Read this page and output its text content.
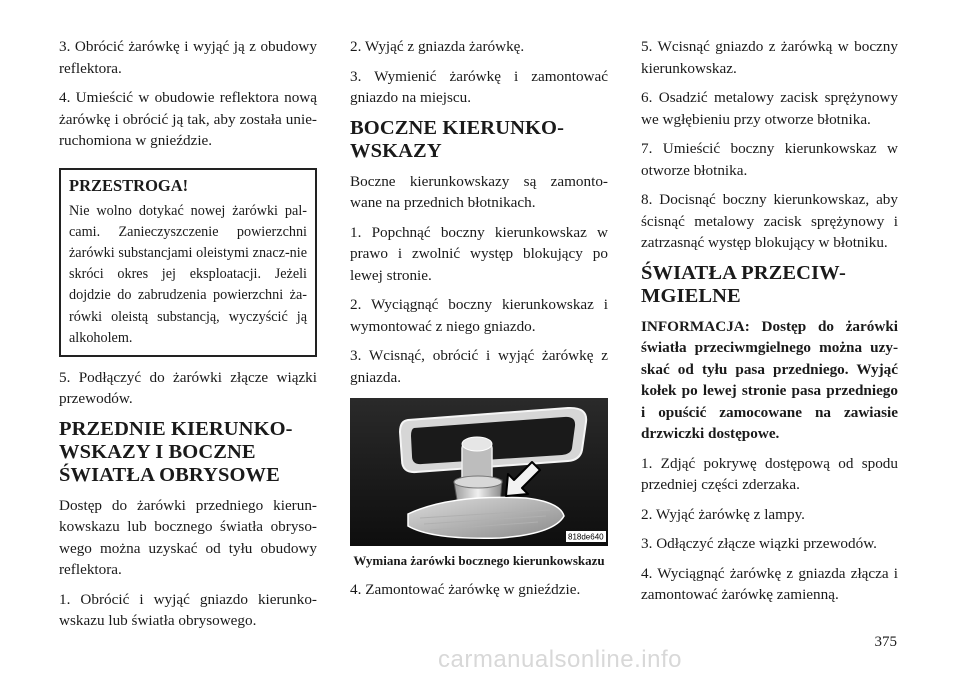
3. Obrócić żarówkę i wyjąć ją z obudowy reflektora.

4. Umieścić w obudowie reflektora nową żarówkę i obrócić ją tak, aby została unie-ruchomiona w gnieździe.

PRZESTROGA!

Nie wolno dotykać nowej żarówki pal-cami. Zanieczyszczenie powierzchni żarówki substancjami oleistymi znacz-nie skróci okres jej eksploatacji. Jeżeli dojdzie do zabrudzenia powierzchni ża-rówki oleistą substancją, wyczyścić ją alkoholem.

5. Podłączyć do żarówki złącze wiązki przewodów.

PRZEDNIE KIERUNKO-WSKAZY I BOCZNE ŚWIATŁA OBRYSOWE

Dostęp do żarówki przedniego kierun-kowskazu lub bocznego światła obryso-wego można uzyskać od tyłu obudowy reflektora.

1. Obrócić i wyjąć gniazdo kierunko-wskazu lub światła obrysowego.

2. Wyjąć z gniazda żarówkę.

3. Wymienić żarówkę i zamontować gniazdo na miejscu.

BOCZNE KIERUNKO-WSKAZY

Boczne kierunkowskazy są zamonto-wane na przednich błotnikach.

1. Popchnąć boczny kierunkowskaz w prawo i zwolnić występ blokujący po lewej stronie.

2. Wyciągnąć boczny kierunkowskaz i wymontować z niego gniazdo.

3. Wcisnąć, obrócić i wyjąć żarówkę z gniazda.

818de640
Wymiana żarówki bocznego kierunkowskazu

4. Zamontować żarówkę w gnieździe.

5. Wcisnąć gniazdo z żarówką w boczny kierunkowskaz.

6. Osadzić metalowy zacisk sprężynowy we wgłębieniu przy otworze błotnika.

7. Umieścić boczny kierunkowskaz w otworze błotnika.

8. Docisnąć boczny kierunkowskaz, aby ścisnąć metalowy zacisk sprężynowy i zatrzasnąć występ blokujący w błotniku.

ŚWIATŁA PRZECIW-MGIELNE

INFORMACJA: Dostęp do żarówki światła przeciwmgielnego można uzy-skać od tyłu pasa przedniego. Wyjąć kołek po lewej stronie pasa przedniego i opuścić zamocowane na zawiasie drzwiczki dostępowe.

1. Zdjąć pokrywę dostępową od spodu przedniej części zderzaka.

2. Wyjąć żarówkę z lampy.

3. Odłączyć złącze wiązki przewodów.

4. Wyciągnąć żarówkę z gniazda złącza i zamontować żarówkę zamienną.

375
carmanualsonline.info
